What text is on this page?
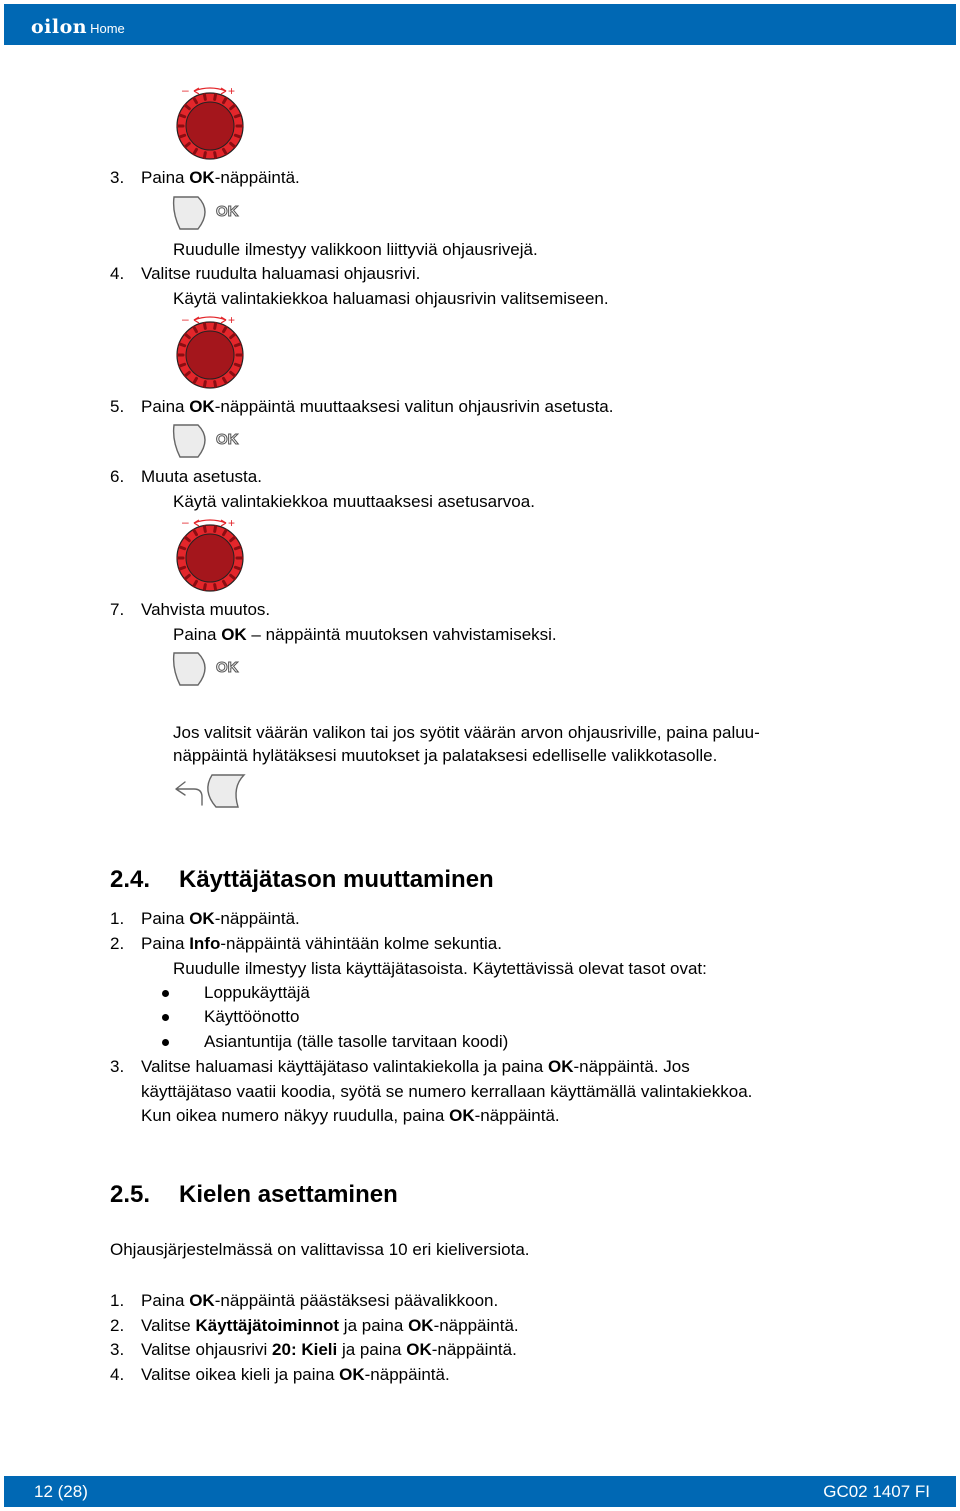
oilon Home
–	+
3. Paina OK-näppäintä.
OK
Ruudulle ilmestyy valikkoon liittyviä ohjausrivejä.
4. Valitse ruudulta haluamasi ohjausrivi.
Käytä valintakiekkoa haluamasi ohjausrivin valitsemiseen.
–	+
5. Paina OK-näppäintä muuttaaksesi valitun ohjausrivin asetusta.
OK
6. Muuta asetusta.
Käytä valintakiekkoa muuttaaksesi asetusarvoa.
–	+
7. Vahvista muutos.
Paina OK – näppäintä muutoksen vahvistamiseksi.
OK
Jos valitsit väärän valikon tai jos syötit väärän arvon ohjausriville, paina paluu-
näppäintä hylätäksesi muutokset ja palataksesi edelliselle valikkotasolle.
2.4. Käyttäjätason muuttaminen
1. Paina OK-näppäintä.
2. Paina Info-näppäintä vähintään kolme sekuntia.
Ruudulle ilmestyy lista käyttäjätasoista. Käytettävissä olevat tasot ovat:
Loppukäyttäjä
Käyttöönotto
Asiantuntija (tälle tasolle tarvitaan koodi)
3. Valitse haluamasi käyttäjätaso valintakiekolla ja paina OK-näppäintä. Jos
käyttäjätaso vaatii koodia, syötä se numero kerrallaan käyttämällä valintakiekkoa.
Kun oikea numero näkyy ruudulla, paina OK-näppäintä.
2.5. Kielen asettaminen
Ohjausjärjestelmässä on valittavissa 10 eri kieliversiota.
1. Paina OK-näppäintä päästäksesi päävalikkoon.
2. Valitse Käyttäjätoiminnot ja paina OK-näppäintä.
3. Valitse ohjausrivi 20: Kieli ja paina OK-näppäintä.
4. Valitse oikea kieli ja paina OK-näppäintä.
12 (28)	GC02 1407 FI
